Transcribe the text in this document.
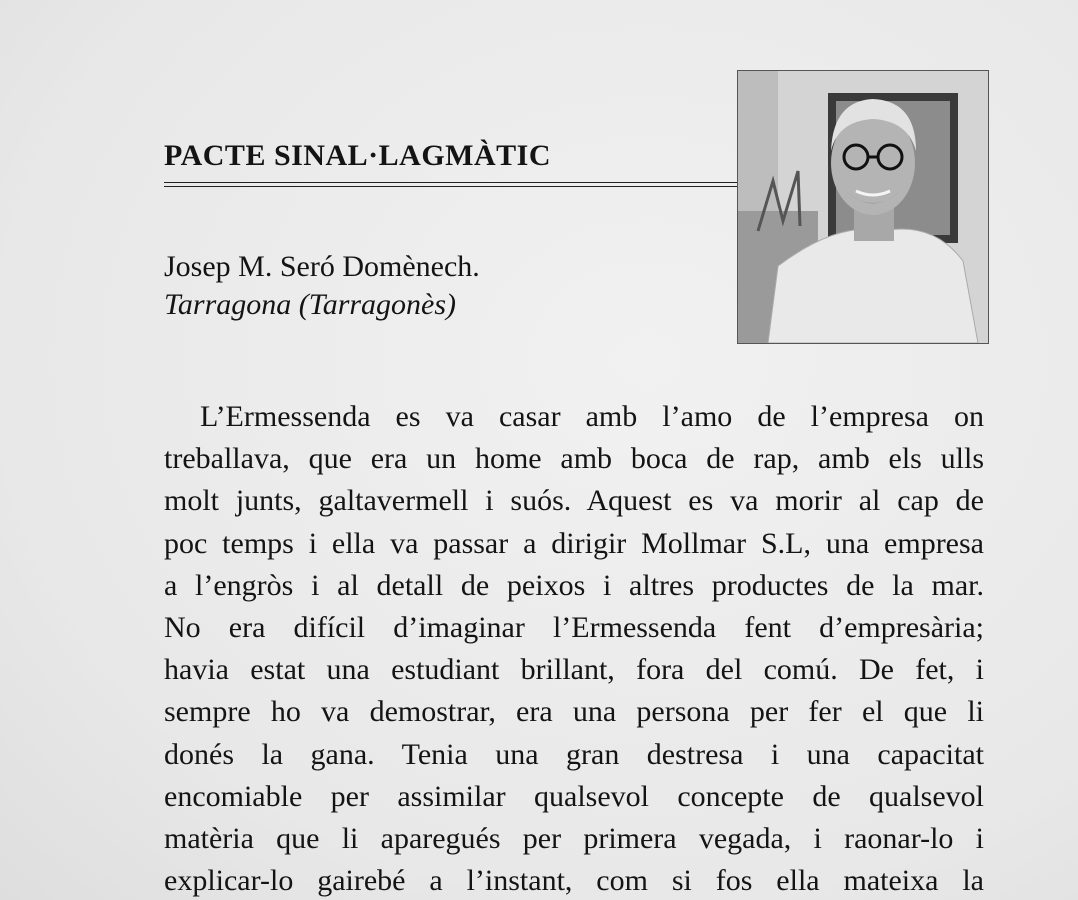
PACTE SINAL·LAGMÀTIC
Josep M. Seró Domènech.
Tarragona (Tarragonès)
L’Ermessenda es va casar amb l’amo de l’empresa on
treballava, que era un home amb boca de rap, amb els ulls
molt junts, galtavermell i suós. Aquest es va morir al cap de
poc temps i ella va passar a dirigir Mollmar S.L, una empresa
a l’engròs i al detall de peixos i altres productes de la mar.
No era difícil d’imaginar l’Ermessenda fent d’empresària;
havia estat una estudiant brillant, fora del comú. De fet, i
sempre ho va demostrar, era una persona per fer el que li
donés la gana. Tenia una gran destresa i una capacitat
encomiable per assimilar qualsevol concepte de qualsevol
matèria que li aparegués per primera vegada, i raonar-lo i
explicar-lo gairebé a l’instant, com si fos ella mateixa la
